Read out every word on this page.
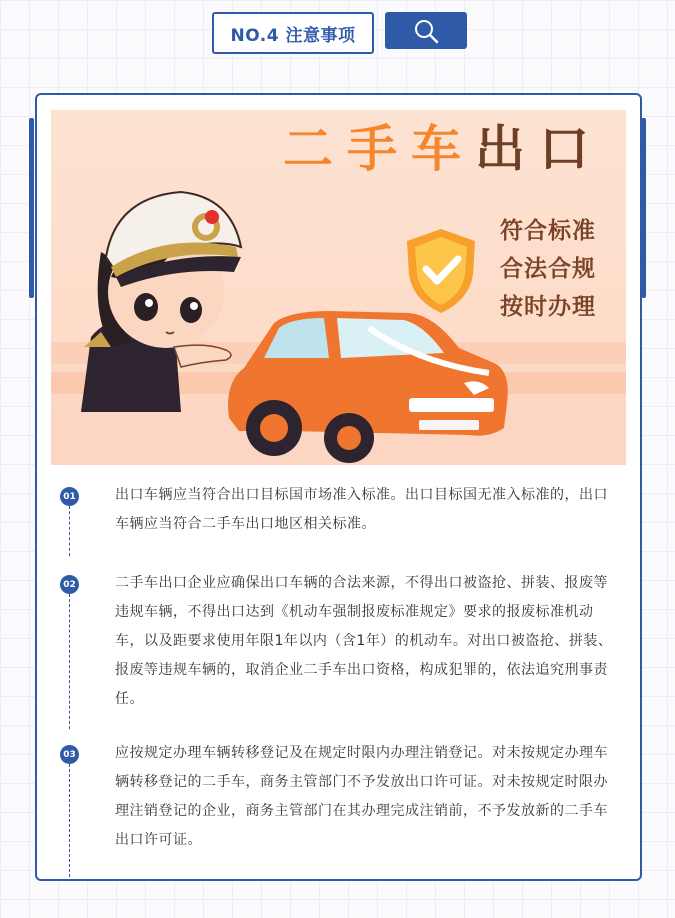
NO.4 注意事项
二手车出口
符合标准
合法合规
按时办理
01	出口车辆应当符合出口目标国市场准入标准。出口目标国无准入标准的，出口车辆应当符合二手车出口地区相关标准。
02	二手车出口企业应确保出口车辆的合法来源，不得出口被盗抢、拼装、报废等违规车辆，不得出口达到《机动车强制报废标准规定》要求的报废标准机动车，以及距要求使用年限1年以内（含1年）的机动车。对出口被盗抢、拼装、报废等违规车辆的，取消企业二手车出口资格，构成犯罪的，依法追究刑事责任。
03	应按规定办理车辆转移登记及在规定时限内办理注销登记。对未按规定办理车辆转移登记的二手车，商务主管部门不予发放出口许可证。对未按规定时限办理注销登记的企业，商务主管部门在其办理完成注销前，不予发放新的二手车出口许可证。
